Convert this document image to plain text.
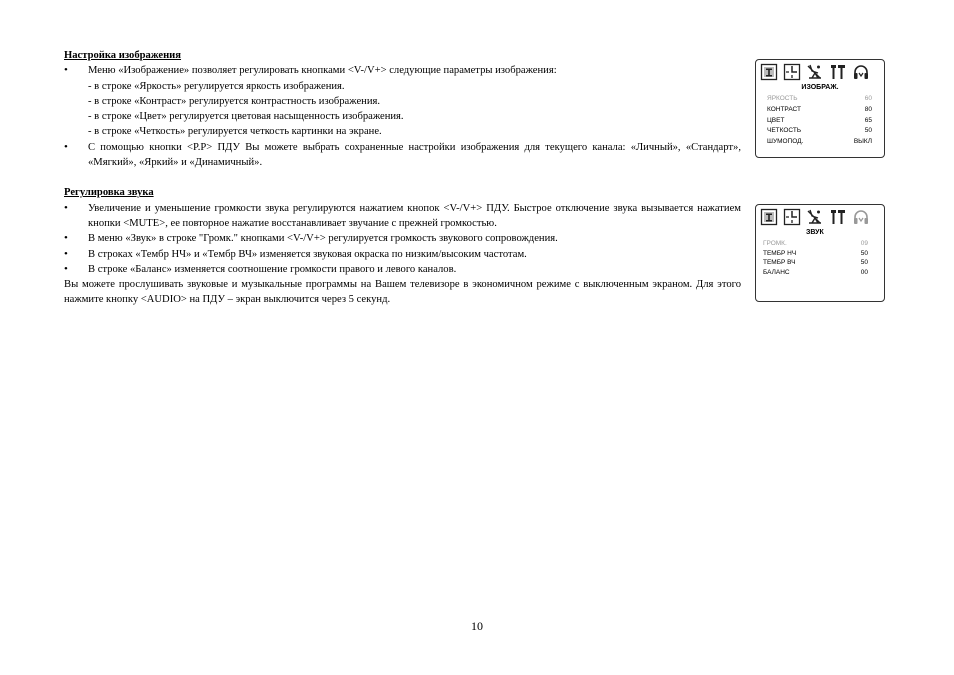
Настройка изображения

• Меню «Изображение» позволяет регулировать кнопками <V-/V+> следующие параметры изображения:
- в строке «Яркость» регулируется яркость изображения.
- в строке «Контраст» регулируется контрастность изображения.
- в строке «Цвет» регулируется цветовая насыщенность изображения.
- в строке «Четкость» регулируется четкость картинки на экране.
• С помощью кнопки <P.P> ПДУ Вы можете выбрать сохраненные настройки изображения для текущего канала: «Личный», «Стандарт», «Мягкий», «Яркий» и «Динамичный».

Регулировка звука

• Увеличение и уменьшение громкости звука регулируются нажатием кнопок <V-/V+> ПДУ. Быстрое отключение звука вызывается нажатием кнопки <MUTE>, ее повторное нажатие восстанавливает звучание с прежней громкостью.
• В меню «Звук» в строке "Громк." кнопками <V-/V+> регулируется громкость звукового сопровождения.
• В строках «Тембр НЧ» и «Тембр ВЧ» изменяется звуковая окраска по низким/высоким частотам.
• В строке «Баланс» изменяется соотношение громкости правого и левого каналов.

Вы можете прослушивать звуковые и музыкальные программы на Вашем телевизоре в экономичном режиме с выключенным экраном. Для этого нажмите кнопку <AUDIO> на ПДУ – экран выключится через 5 секунд.

ИЗОБРАЖ.
ЯРКОСТЬ	60
КОНТРАСТ	80
ЦВЕТ	65
ЧЕТКОСТЬ	50
ШУМОПОД.	ВЫКЛ
ЗВУК
ГРОМК.	09
ТЕМБР НЧ	50
ТЕМБР ВЧ	50
БАЛАНС	00
10
